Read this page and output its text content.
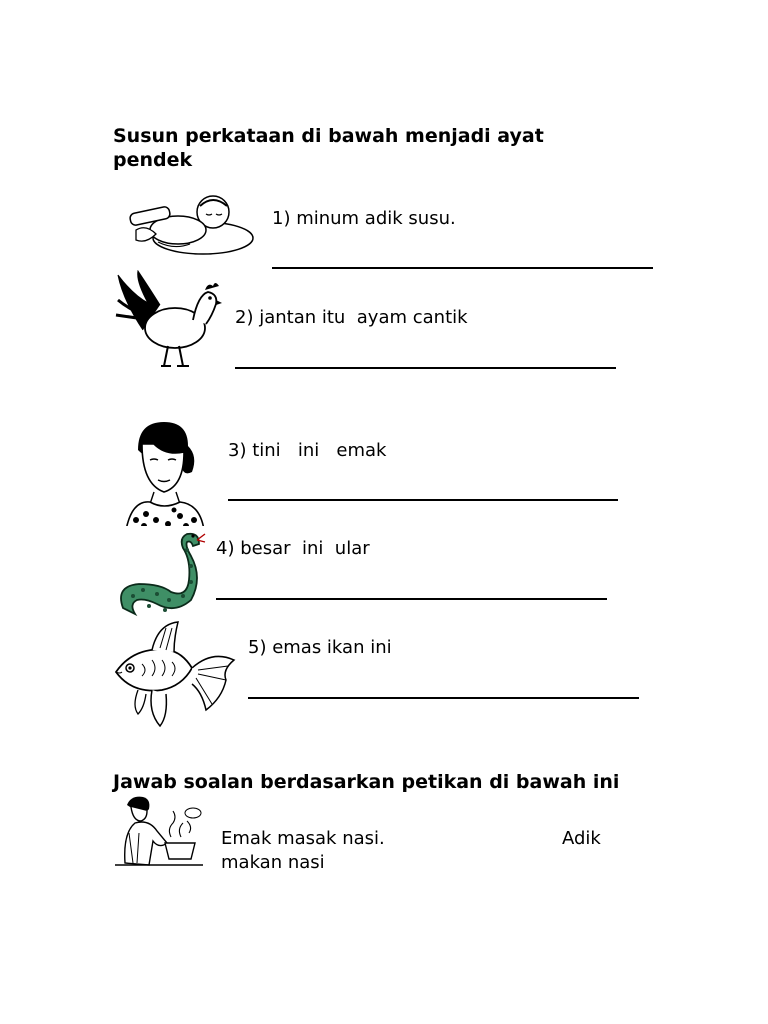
Susun perkataan di bawah menjadi ayat
pendek
1) minum adik susu.
2) jantan itu  ayam cantik
3) tini   ini   emak
4) besar  ini  ular
5) emas ikan ini
Jawab soalan berdasarkan petikan di bawah ini
Emak masak nasi.	Adik
makan nasi
